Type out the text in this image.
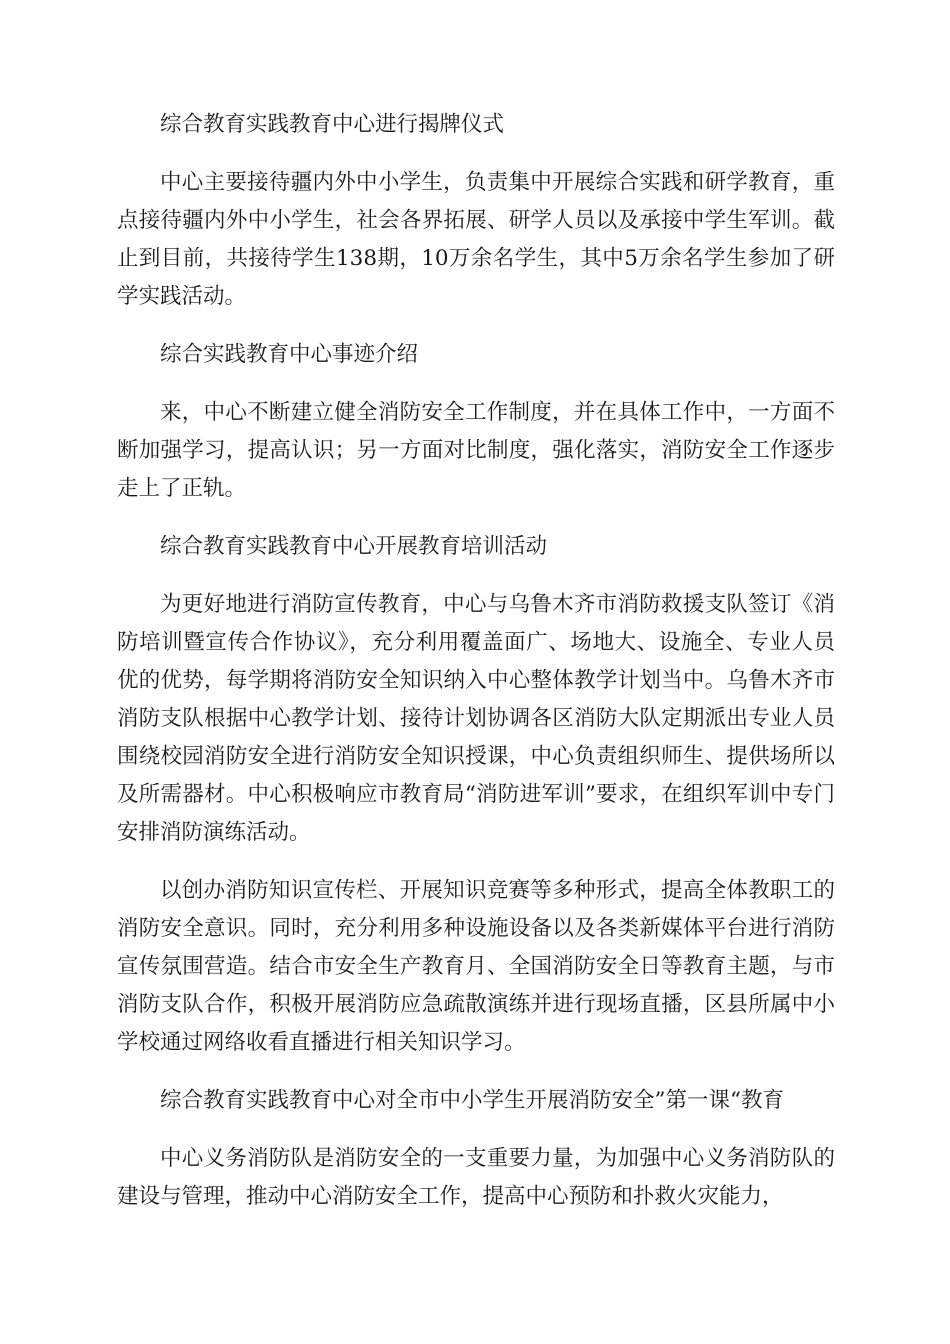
综合教育实践教育中心进行揭牌仪式

中心主要接待疆内外中小学生，负责集中开展综合实践和研学教育，重点接待疆内外中小学生，社会各界拓展、研学人员以及承接中学生军训。截止到目前，共接待学生138期，10万余名学生，其中5万余名学生参加了研学实践活动。

综合实践教育中心事迹介绍

来，中心不断建立健全消防安全工作制度，并在具体工作中，一方面不断加强学习，提高认识；另一方面对比制度，强化落实，消防安全工作逐步走上了正轨。

综合教育实践教育中心开展教育培训活动

为更好地进行消防宣传教育，中心与乌鲁木齐市消防救援支队签订《消防培训暨宣传合作协议》，充分利用覆盖面广、场地大、设施全、专业人员优的优势，每学期将消防安全知识纳入中心整体教学计划当中。乌鲁木齐市消防支队根据中心教学计划、接待计划协调各区消防大队定期派出专业人员围绕校园消防安全进行消防安全知识授课，中心负责组织师生、提供场所以及所需器材。中心积极响应市教育局“消防进军训”要求，在组织军训中专门安排消防演练活动。

以创办消防知识宣传栏、开展知识竞赛等多种形式，提高全体教职工的消防安全意识。同时，充分利用多种设施设备以及各类新媒体平台进行消防宣传氛围营造。结合市安全生产教育月、全国消防安全日等教育主题，与市消防支队合作，积极开展消防应急疏散演练并进行现场直播，区县所属中小学校通过网络收看直播进行相关知识学习。

综合教育实践教育中心对全市中小学生开展消防安全”第一课“教育

中心义务消防队是消防安全的一支重要力量，为加强中心义务消防队的建设与管理，推动中心消防安全工作，提高中心预防和扑救火灾能力，
